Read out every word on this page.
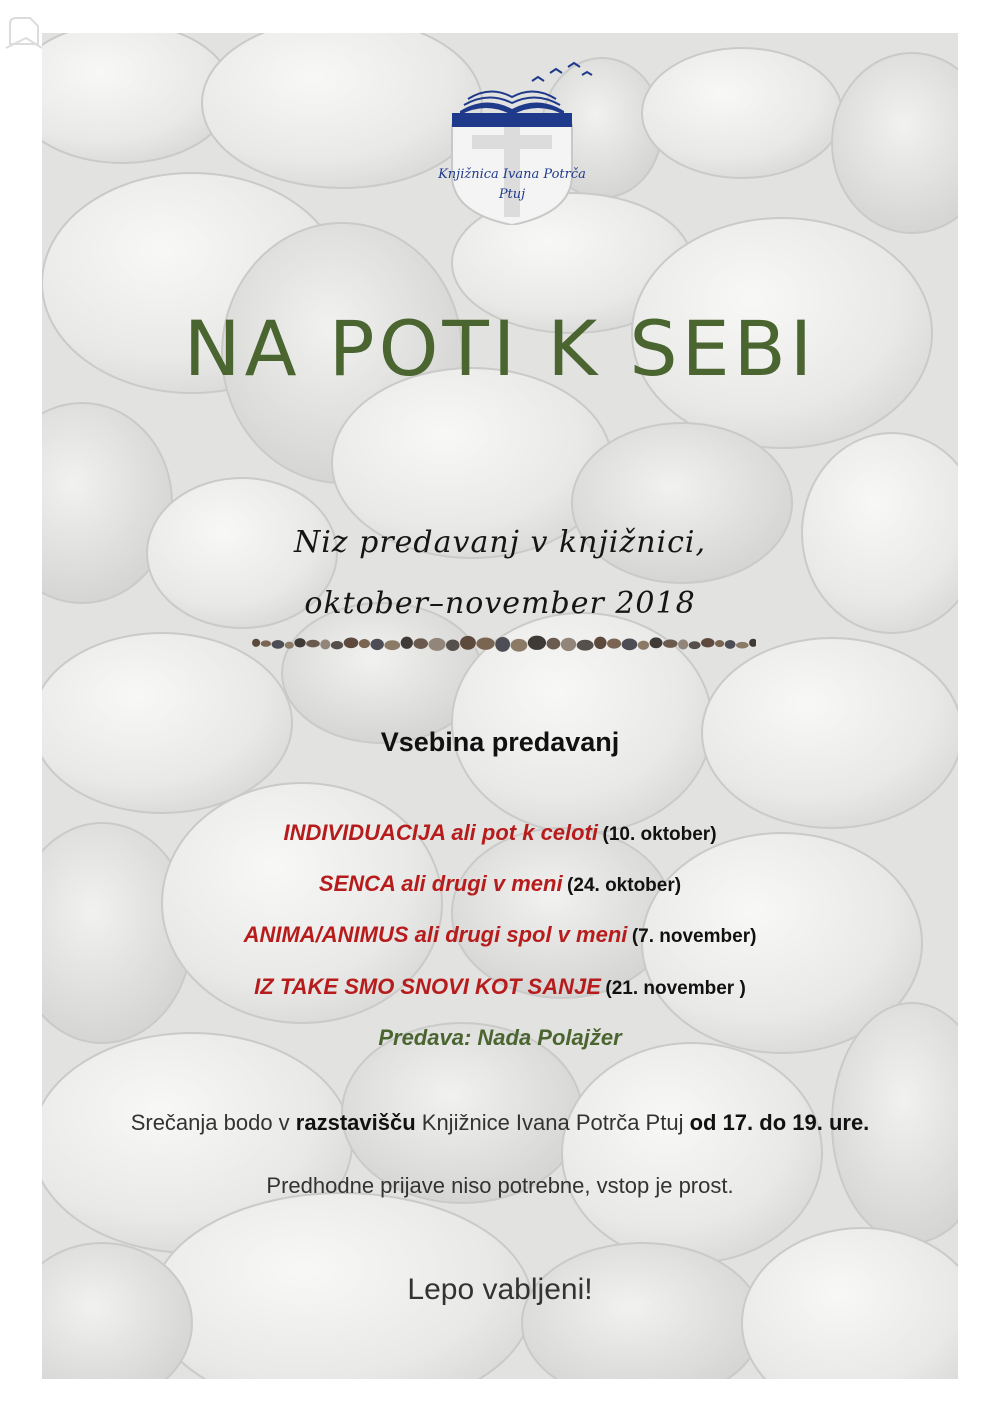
Knjižnica Ivana Potrča
Ptuj
NA POTI K SEBI
Niz predavanj v knjižnici,
oktober–november 2018
Vsebina predavanj
INDIVIDUACIJA ali pot k celoti (10. oktober)
SENCA ali drugi v meni (24. oktober)
ANIMA/ANIMUS ali drugi spol v meni (7. november)
IZ TAKE SMO SNOVI KOT SANJE (21. november )
Predava: Nada Polajžer
Srečanja bodo v razstavišču Knjižnice Ivana Potrča Ptuj od 17. do 19. ure.
Predhodne prijave niso potrebne, vstop je prost.
Lepo vabljeni!
